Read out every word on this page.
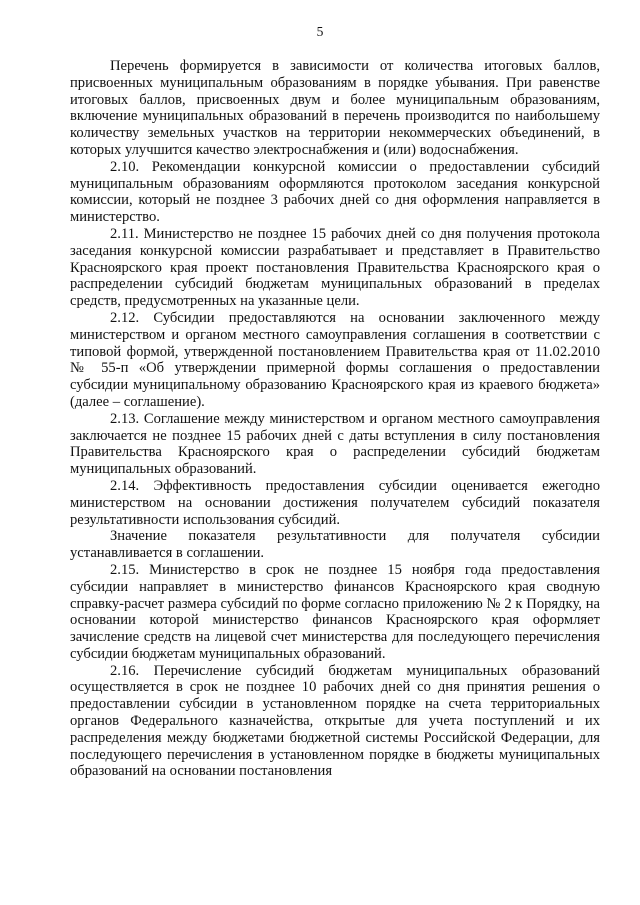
5

Перечень формируется в зависимости от количества итоговых баллов, присвоенных муниципальным образованиям в порядке убывания. При равенстве итоговых баллов, присвоенных двум и более муниципальным образованиям, включение муниципальных образований в перечень производится по наибольшему количеству земельных участков на территории некоммерческих объединений, в которых улучшится качество электроснабжения и (или) водоснабжения.

2.10. Рекомендации конкурсной комиссии о предоставлении субсидий муниципальным образованиям оформляются протоколом заседания конкурсной комиссии, который не позднее 3 рабочих дней со дня оформления направляется в министерство.

2.11. Министерство не позднее 15 рабочих дней со дня получения протокола заседания конкурсной комиссии разрабатывает и представляет в Правительство Красноярского края проект постановления Правительства Красноярского края о распределении субсидий бюджетам муниципальных образований в пределах средств, предусмотренных на указанные цели.

2.12. Субсидии предоставляются на основании заключенного между министерством и органом местного самоуправления соглашения в соответствии с типовой формой, утвержденной постановлением Правительства края от 11.02.2010 № 55-п «Об утверждении примерной формы соглашения о предоставлении субсидии муниципальному образованию Красноярского края из краевого бюджета» (далее – соглашение).

2.13. Соглашение между министерством и органом местного самоуправления заключается не позднее 15 рабочих дней с даты вступления в силу постановления Правительства Красноярского края о распределении субсидий бюджетам муниципальных образований.

2.14. Эффективность предоставления субсидии оценивается ежегодно министерством на основании достижения получателем субсидий показателя результативности использования субсидий.

Значение показателя результативности для получателя субсидии устанавливается в соглашении.

2.15. Министерство в срок не позднее 15 ноября года предоставления субсидии направляет в министерство финансов Красноярского края сводную справку-расчет размера субсидий по форме согласно приложению № 2 к Порядку, на основании которой министерство финансов Красноярского края оформляет зачисление средств на лицевой счет министерства для последующего перечисления субсидии бюджетам муниципальных образований.

2.16. Перечисление субсидий бюджетам муниципальных образований осуществляется в срок не позднее 10 рабочих дней со дня принятия решения о предоставлении субсидии в установленном порядке на счета территориальных органов Федерального казначейства, открытые для учета поступлений и их распределения между бюджетами бюджетной системы Российской Федерации, для последующего перечисления в установленном порядке в бюджеты муниципальных образований на основании постановления
